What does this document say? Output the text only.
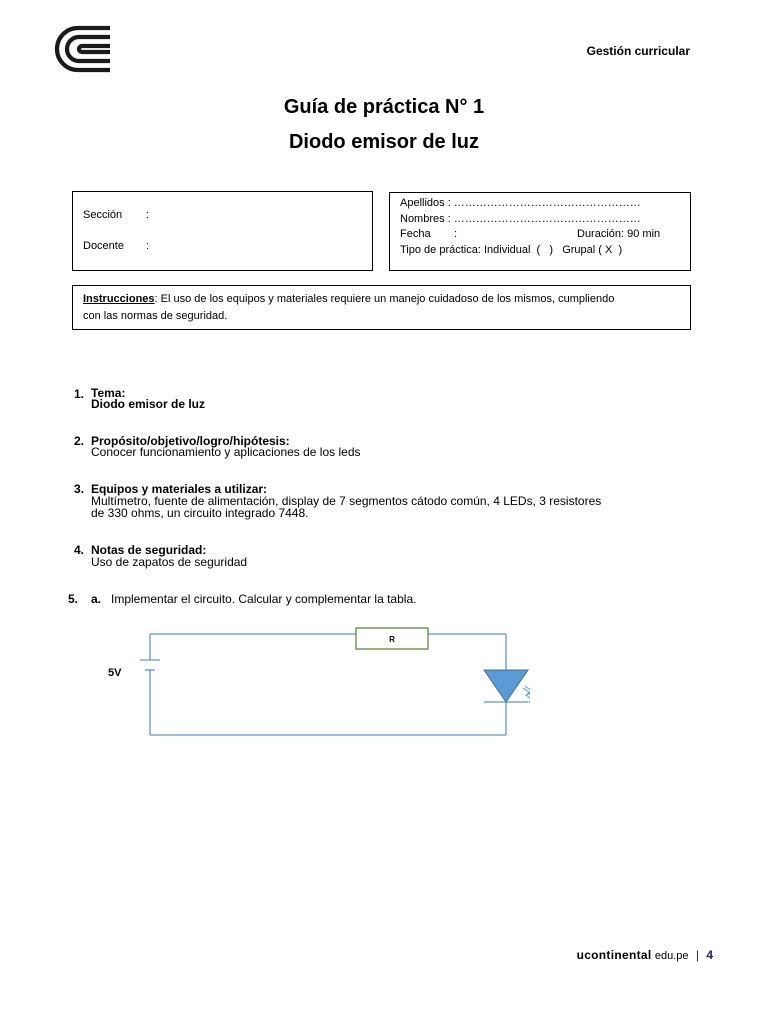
Gestión curricular
Guía de práctica N° 1
Diodo emisor de luz
Sección :
Docente :
Apellidos : ……………………………………………
Nombres : ……………………………………………
Fecha :	Duración: 90 min
Tipo de práctica: Individual  (   )   Grupal ( X  )
Instrucciones: El uso de los equipos y materiales requiere un manejo cuidadoso de los mismos, cumpliendo
con las normas de seguridad.
1. Tema:
Diodo emisor de luz
2. Propósito/objetivo/logro/hipótesis:
Conocer funcionamiento y aplicaciones de los leds
3. Equipos y materiales a utilizar:
Multímetro, fuente de alimentación, display de 7 segmentos cátodo común, 4 LEDs, 3 resistores
de 330 ohms, un circuito integrado 7448.
4. Notas de seguridad:
Uso de zapatos de seguridad
5. a. Implementar el circuito. Calcular y complementar la tabla.
R
5V
ucontinental edu.pe | 4
